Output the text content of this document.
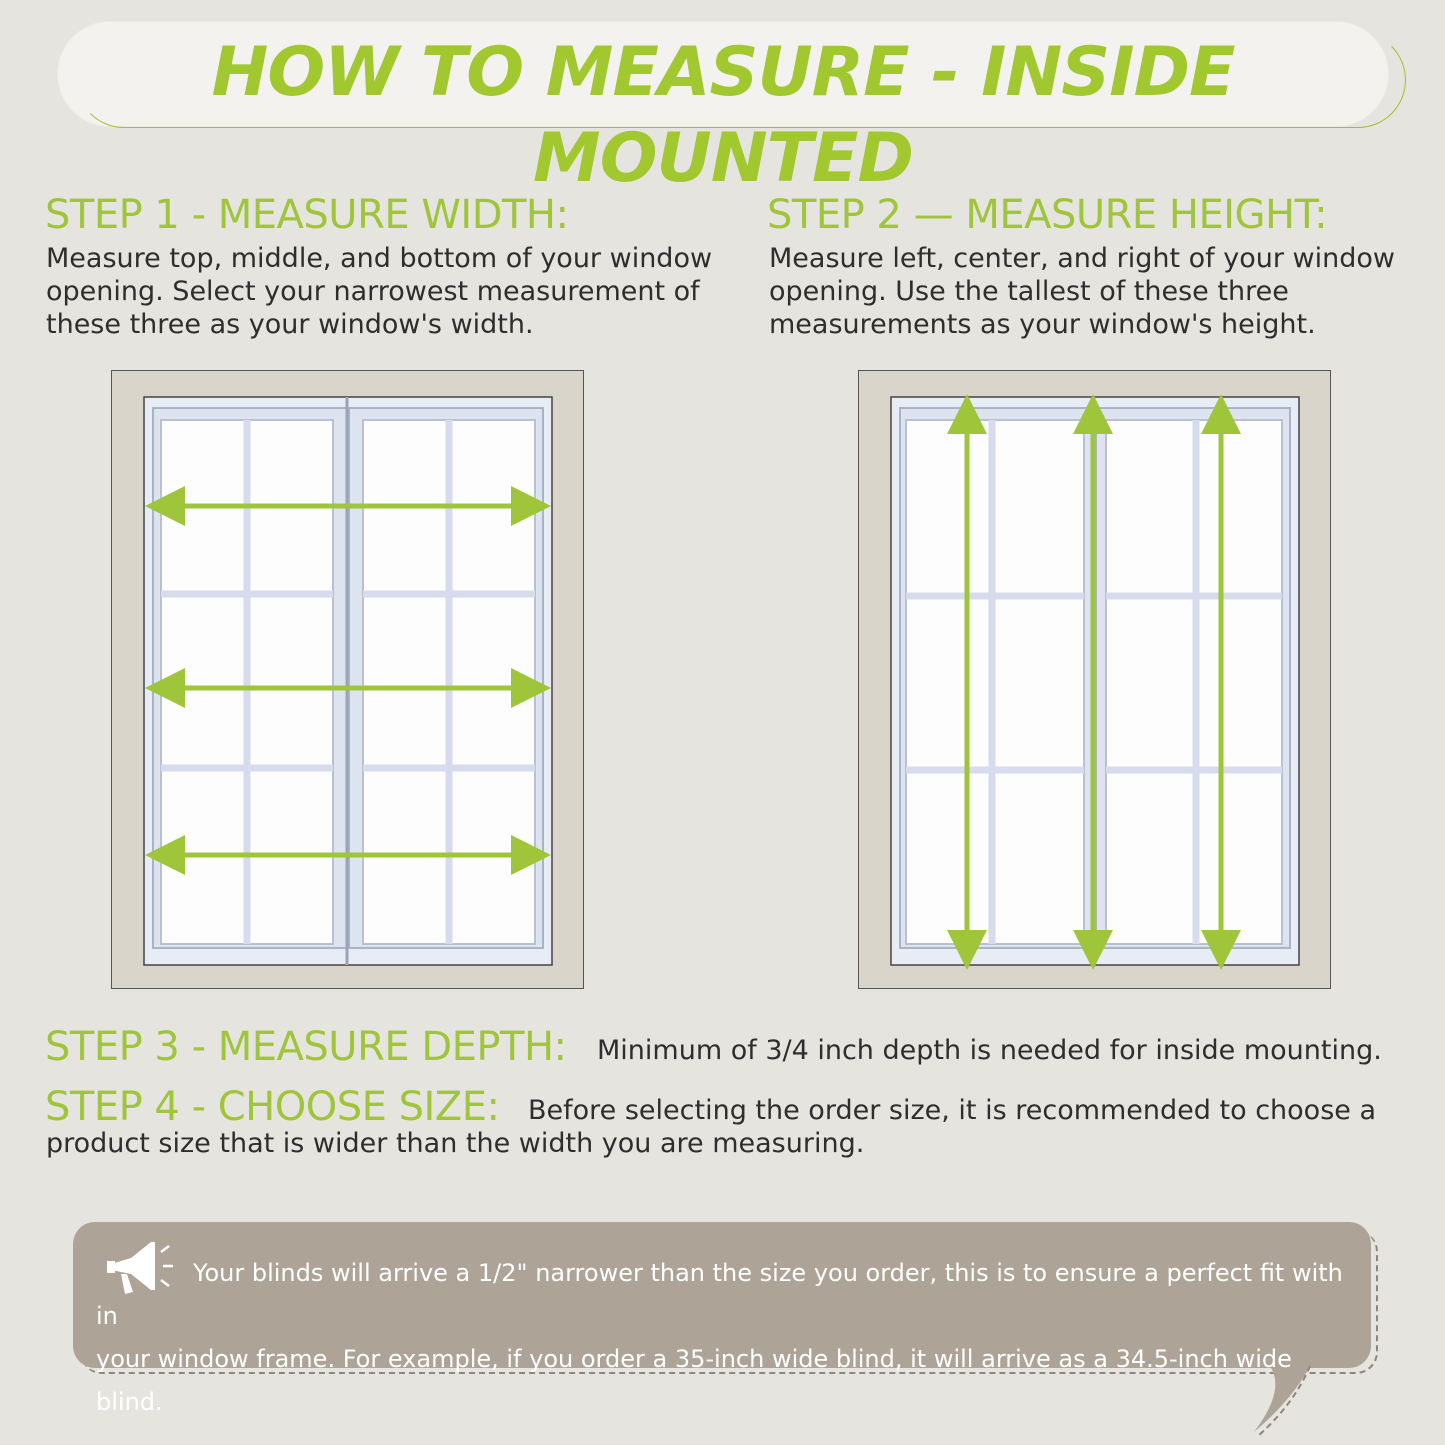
HOW TO MEASURE - INSIDE MOUNTED
STEP 1 - MEASURE WIDTH:
Measure top, middle, and bottom of your window
opening. Select your narrowest measurement of
these three as your window's width.
STEP 2 — MEASURE HEIGHT:
Measure left, center, and right of your window
opening. Use the tallest of these three
measurements as your window's height.
STEP 3 - MEASURE DEPTH: Minimum of 3/4 inch depth is needed for inside mounting.
STEP 4 - CHOOSE SIZE: Before selecting the order size, it is recommended to choose a
product size that is wider than the width you are measuring.
Your blinds will arrive a 1/2" narrower than the size you order, this is to ensure a perfect fit with in
your window frame. For example, if you order a 35-inch wide blind, it will arrive as a 34.5-inch wide blind.
